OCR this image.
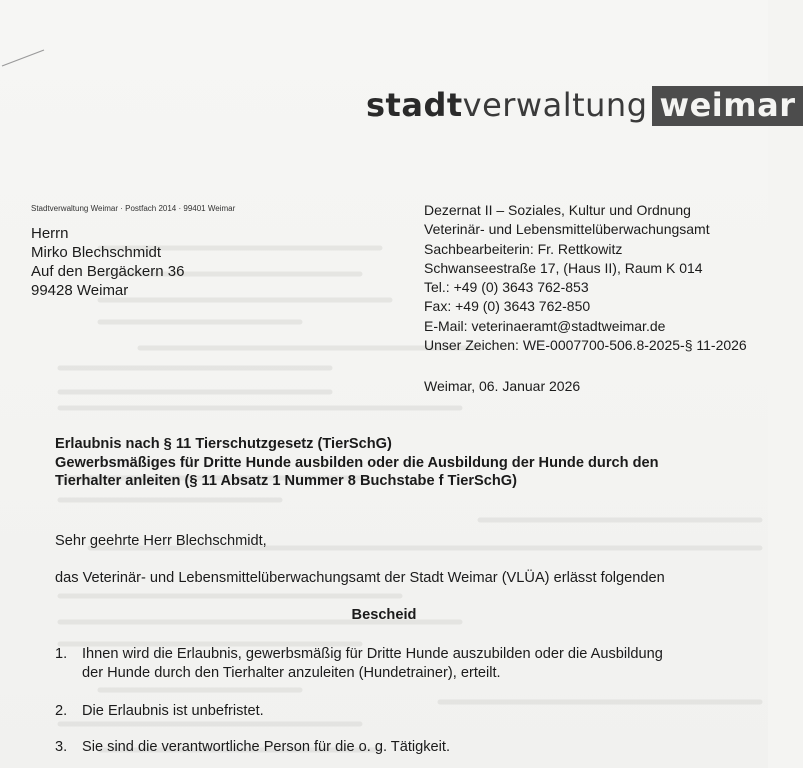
stadtverwaltung weimar
Stadtverwaltung Weimar · Postfach 2014 · 99401 Weimar
Herrn
Mirko Blechschmidt
Auf den Bergäckern 36
99428 Weimar
Dezernat II – Soziales, Kultur und Ordnung
Veterinär- und Lebensmittelüberwachungsamt
Sachbearbeiterin: Fr. Rettkowitz
Schwanseestraße 17, (Haus II), Raum K 014
Tel.: +49 (0) 3643 762-853
Fax: +49 (0) 3643 762-850
E-Mail: veterinaeramt@stadtweimar.de
Unser Zeichen: WE-0007700-506.8-2025-§ 11-2026
Weimar, 06. Januar 2026
Erlaubnis nach § 11 Tierschutzgesetz (TierSchG)
Gewerbsmäßiges für Dritte Hunde ausbilden oder die Ausbildung der Hunde durch den
Tierhalter anleiten (§ 11 Absatz 1 Nummer 8 Buchstabe f TierSchG)
Sehr geehrte Herr Blechschmidt,
das Veterinär- und Lebensmittelüberwachungsamt der Stadt Weimar (VLÜA) erlässt folgenden
Bescheid
1.	Ihnen wird die Erlaubnis, gewerbsmäßig für Dritte Hunde auszubilden oder die Ausbildung
der Hunde durch den Tierhalter anzuleiten (Hundetrainer), erteilt.
2.	Die Erlaubnis ist unbefristet.
3.	Sie sind die verantwortliche Person für die o. g. Tätigkeit.
